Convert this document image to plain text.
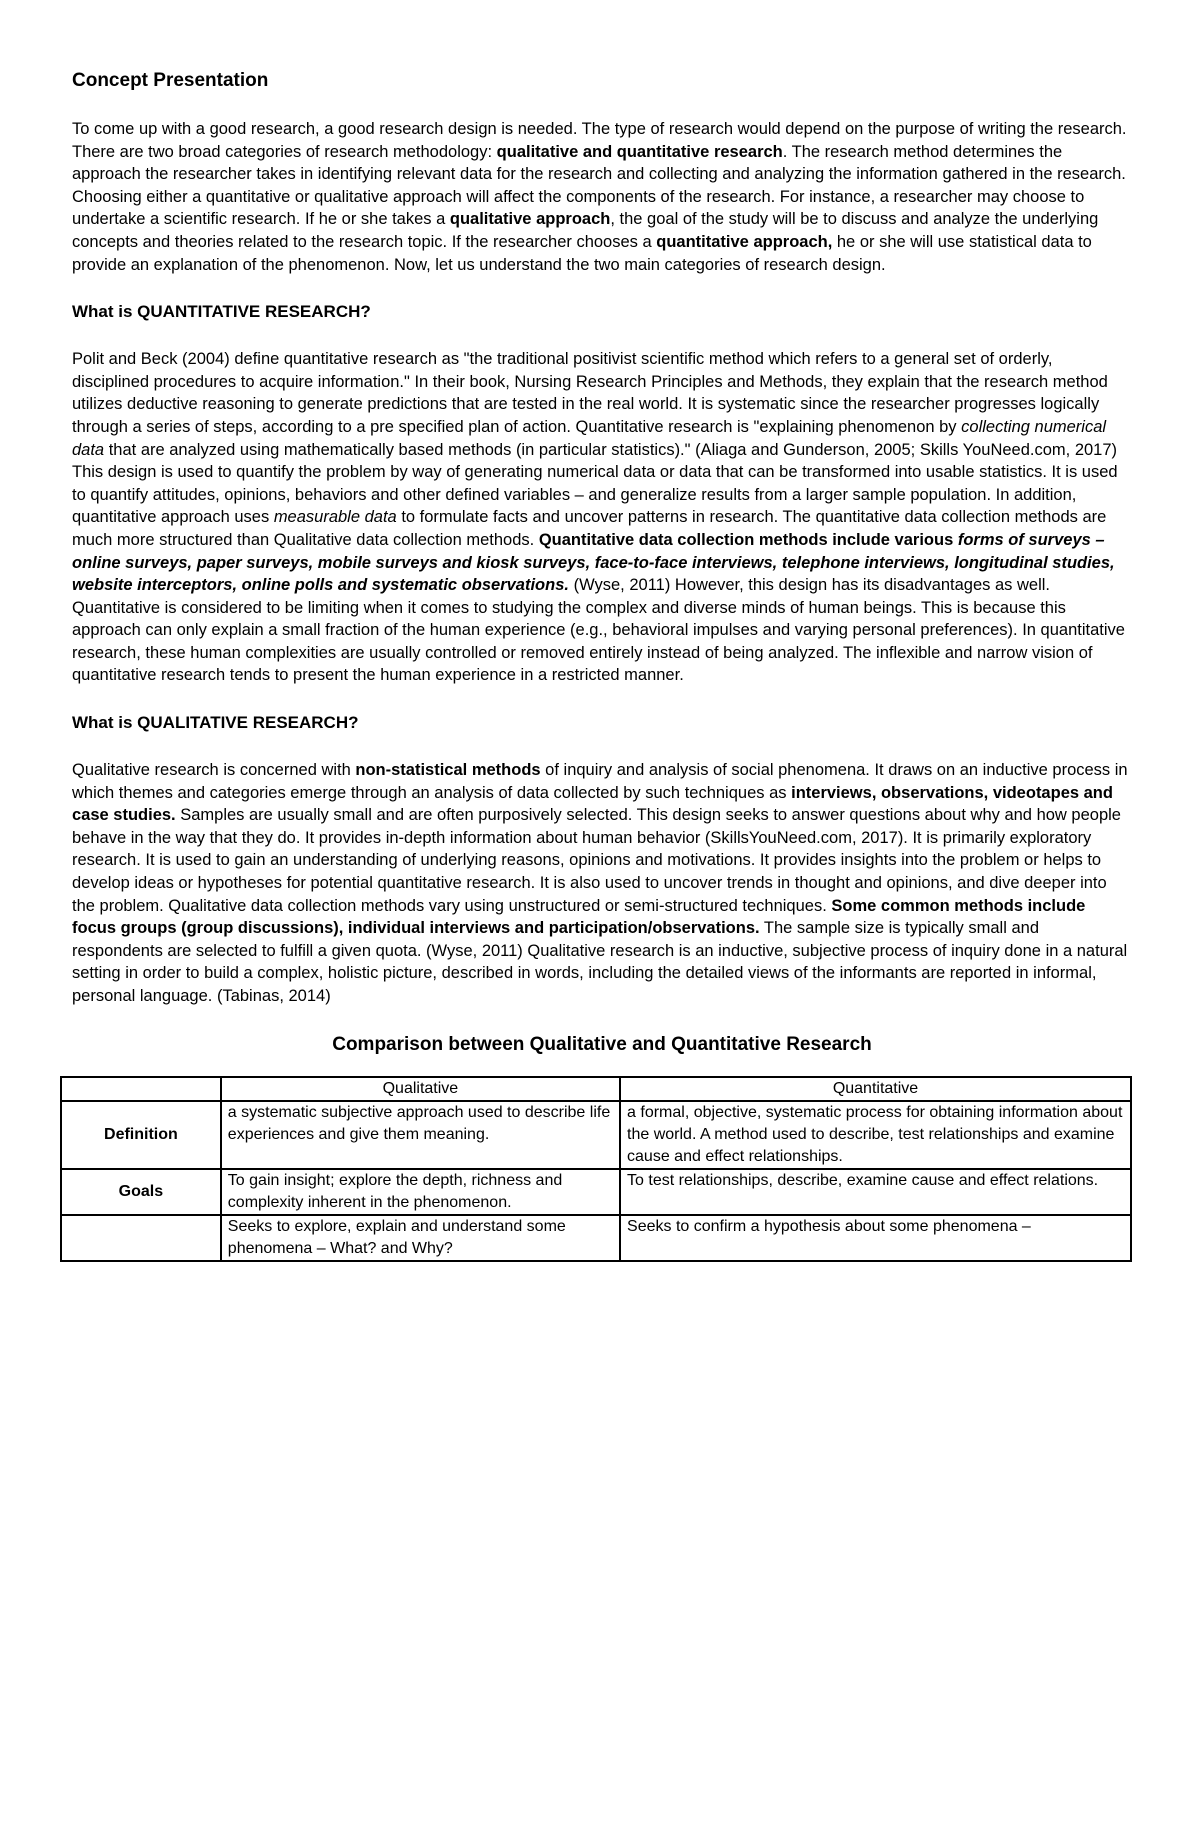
Concept Presentation

To come up with a good research, a good research design is needed. The type of research would depend on the purpose of writing the research. There are two broad categories of research methodology: qualitative and quantitative research. The research method determines the approach the researcher takes in identifying relevant data for the research and collecting and analyzing the information gathered in the research. Choosing either a quantitative or qualitative approach will affect the components of the research. For instance, a researcher may choose to undertake a scientific research. If he or she takes a qualitative approach, the goal of the study will be to discuss and analyze the underlying concepts and theories related to the research topic. If the researcher chooses a quantitative approach, he or she will use statistical data to provide an explanation of the phenomenon. Now, let us understand the two main categories of research design.

What is QUANTITATIVE RESEARCH?

Polit and Beck (2004) define quantitative research as "the traditional positivist scientific method which refers to a general set of orderly, disciplined procedures to acquire information." In their book, Nursing Research Principles and Methods, they explain that the research method utilizes deductive reasoning to generate predictions that are tested in the real world. It is systematic since the researcher progresses logically through a series of steps, according to a pre specified plan of action. Quantitative research is "explaining phenomenon by collecting numerical data that are analyzed using mathematically based methods (in particular statistics)." (Aliaga and Gunderson, 2005; Skills YouNeed.com, 2017) This design is used to quantify the problem by way of generating numerical data or data that can be transformed into usable statistics. It is used to quantify attitudes, opinions, behaviors and other defined variables – and generalize results from a larger sample population. In addition, quantitative approach uses measurable data to formulate facts and uncover patterns in research. The quantitative data collection methods are much more structured than Qualitative data collection methods. Quantitative data collection methods include various forms of surveys – online surveys, paper surveys, mobile surveys and kiosk surveys, face-to-face interviews, telephone interviews, longitudinal studies, website interceptors, online polls and systematic observations. (Wyse, 2011) However, this design has its disadvantages as well. Quantitative is considered to be limiting when it comes to studying the complex and diverse minds of human beings. This is because this approach can only explain a small fraction of the human experience (e.g., behavioral impulses and varying personal preferences). In quantitative research, these human complexities are usually controlled or removed entirely instead of being analyzed. The inflexible and narrow vision of quantitative research tends to present the human experience in a restricted manner.

What is QUALITATIVE RESEARCH?

Qualitative research is concerned with non-statistical methods of inquiry and analysis of social phenomena. It draws on an inductive process in which themes and categories emerge through an analysis of data collected by such techniques as interviews, observations, videotapes and case studies. Samples are usually small and are often purposively selected. This design seeks to answer questions about why and how people behave in the way that they do. It provides in-depth information about human behavior (SkillsYouNeed.com, 2017). It is primarily exploratory research. It is used to gain an understanding of underlying reasons, opinions and motivations. It provides insights into the problem or helps to develop ideas or hypotheses for potential quantitative research. It is also used to uncover trends in thought and opinions, and dive deeper into the problem. Qualitative data collection methods vary using unstructured or semi-structured techniques. Some common methods include focus groups (group discussions), individual interviews and participation/observations. The sample size is typically small and respondents are selected to fulfill a given quota. (Wyse, 2011) Qualitative research is an inductive, subjective process of inquiry done in a natural setting in order to build a complex, holistic picture, described in words, including the detailed views of the informants are reported in informal, personal language. (Tabinas, 2014)

Comparison between Qualitative and Quantitative Research
	Qualitative	Quantitative
Definition	a systematic subjective approach used to describe life experiences and give them meaning.	a formal, objective, systematic process for obtaining information about the world. A method used to describe, test relationships and examine cause and effect relationships.
Goals	To gain insight; explore the depth, richness and complexity inherent in the phenomenon.	To test relationships, describe, examine cause and effect relations.
	Seeks to explore, explain and understand some phenomena – What? and Why?	Seeks to confirm a hypothesis about some phenomena –
